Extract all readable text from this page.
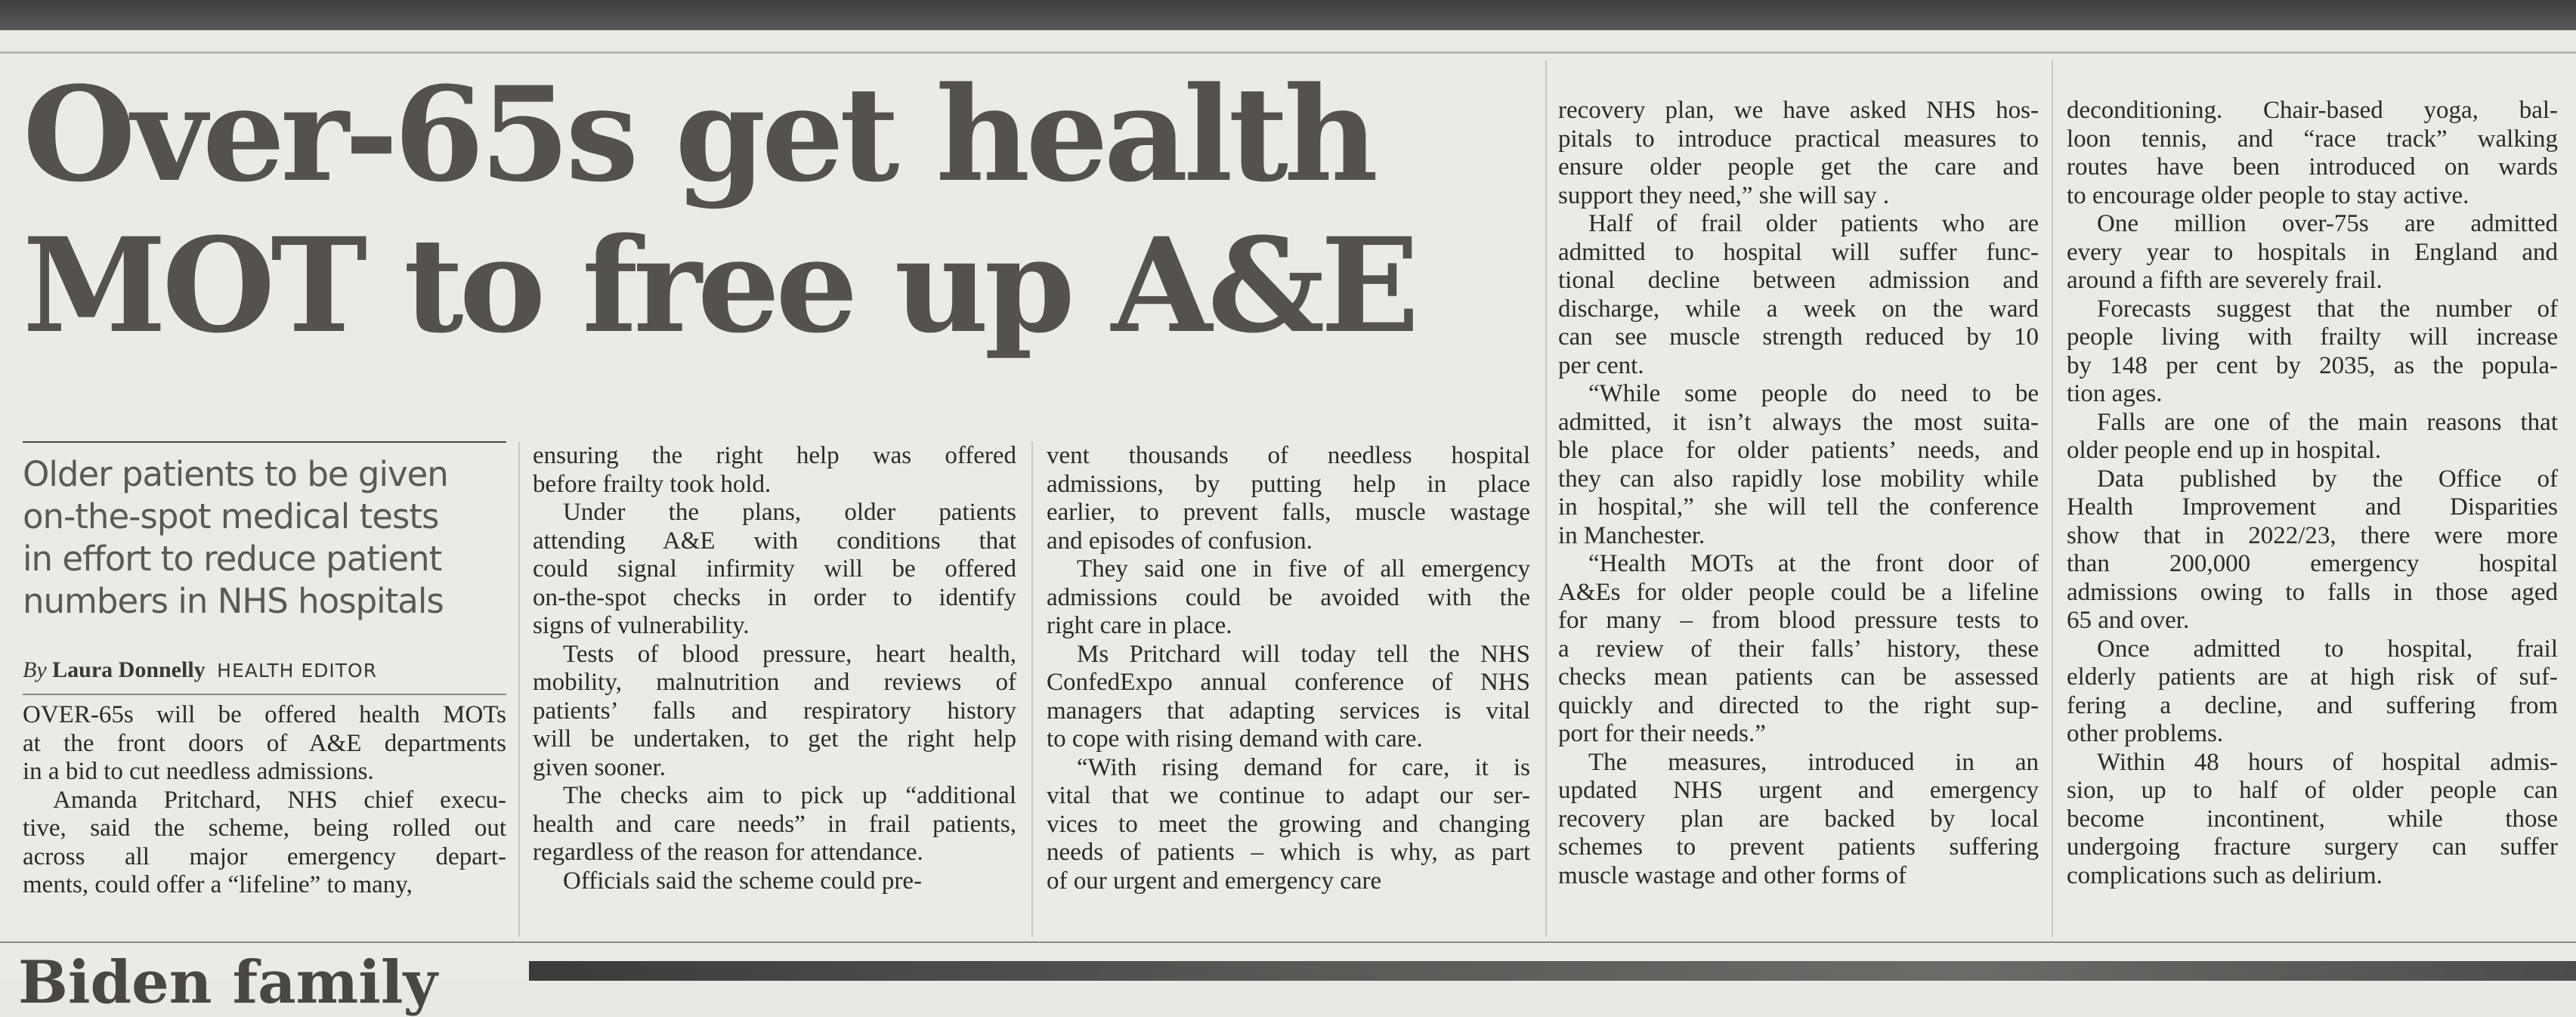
Over-65s get health
MOT to free up A&E
Older patients to be given
on-the-spot medical tests
in effort to reduce patient
numbers in NHS hospitals
By Laura Donnelly HEALTH EDITOR
OVER-65s will be offered health MOTs
at the front doors of A&E departments
in a bid to cut needless admissions.
Amanda Pritchard, NHS chief execu-
tive, said the scheme, being rolled out
across all major emergency depart-
ments, could offer a “lifeline” to many,
ensuring the right help was offered
before frailty took hold.
Under the plans, older patients
attending A&E with conditions that
could signal infirmity will be offered
on-the-spot checks in order to identify
signs of vulnerability.
Tests of blood pressure, heart health,
mobility, malnutrition and reviews of
patients’ falls and respiratory history
will be undertaken, to get the right help
given sooner.
The checks aim to pick up “additional
health and care needs” in frail patients,
regardless of the reason for attendance.
Officials said the scheme could pre-
vent thousands of needless hospital
admissions, by putting help in place
earlier, to prevent falls, muscle wastage
and episodes of confusion.
They said one in five of all emergency
admissions could be avoided with the
right care in place.
Ms Pritchard will today tell the NHS
ConfedExpo annual conference of NHS
managers that adapting services is vital
to cope with rising demand with care.
“With rising demand for care, it is
vital that we continue to adapt our ser-
vices to meet the growing and changing
needs of patients – which is why, as part
of our urgent and emergency care
recovery plan, we have asked NHS hos-
pitals to introduce practical measures to
ensure older people get the care and
support they need,” she will say .
Half of frail older patients who are
admitted to hospital will suffer func-
tional decline between admission and
discharge, while a week on the ward
can see muscle strength reduced by 10
per cent.
“While some people do need to be
admitted, it isn’t always the most suita-
ble place for older patients’ needs, and
they can also rapidly lose mobility while
in hospital,” she will tell the conference
in Manchester.
“Health MOTs at the front door of
A&Es for older people could be a lifeline
for many – from blood pressure tests to
a review of their falls’ history, these
checks mean patients can be assessed
quickly and directed to the right sup-
port for their needs.”
The measures, introduced in an
updated NHS urgent and emergency
recovery plan are backed by local
schemes to prevent patients suffering
muscle wastage and other forms of
deconditioning. Chair-based yoga, bal-
loon tennis, and “race track” walking
routes have been introduced on wards
to encourage older people to stay active.
One million over-75s are admitted
every year to hospitals in England and
around a fifth are severely frail.
Forecasts suggest that the number of
people living with frailty will increase
by 148 per cent by 2035, as the popula-
tion ages.
Falls are one of the main reasons that
older people end up in hospital.
Data published by the Office of
Health Improvement and Disparities
show that in 2022/23, there were more
than 200,000 emergency hospital
admissions owing to falls in those aged
65 and over.
Once admitted to hospital, frail
elderly patients are at high risk of suf-
fering a decline, and suffering from
other problems.
Within 48 hours of hospital admis-
sion, up to half of older people can
become incontinent, while those
undergoing fracture surgery can suffer
complications such as delirium.
Biden family
